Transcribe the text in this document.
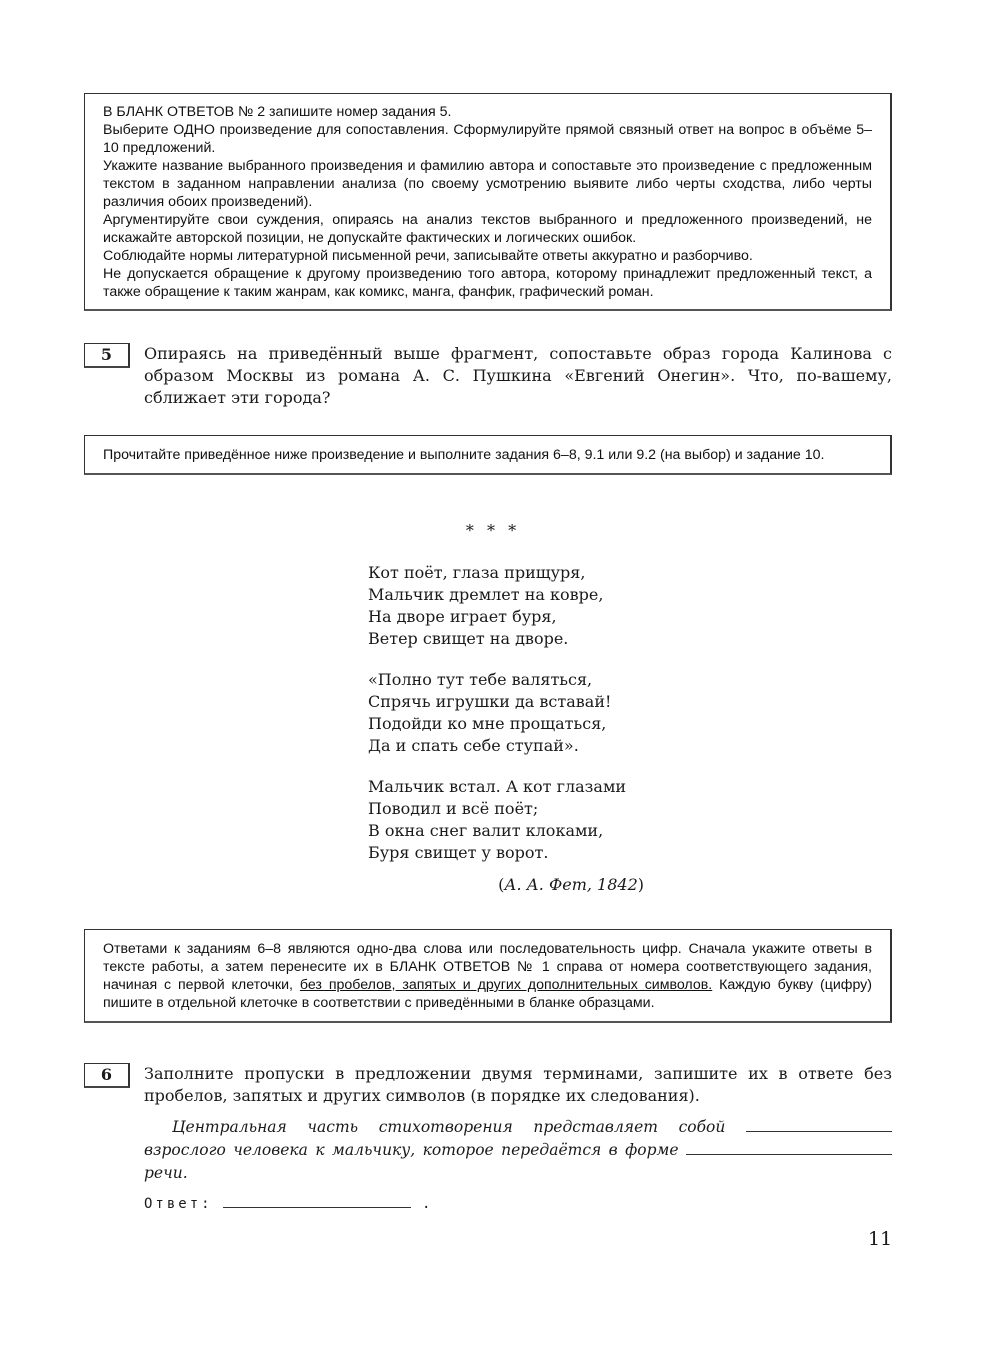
В БЛАНК ОТВЕТОВ № 2 запишите номер задания 5.

Выберите ОДНО произведение для сопоставления. Сформулируйте прямой связный ответ на вопрос в объёме 5–10 предложений.

Укажите название выбранного произведения и фамилию автора и сопоставьте это произведение с предложенным текстом в заданном направлении анализа (по своему усмотрению выявите либо черты сходства, либо черты различия обоих произведений).

Аргументируйте свои суждения, опираясь на анализ текстов выбранного и предложенного произведений, не искажайте авторской позиции, не допускайте фактических и логических ошибок.

Соблюдайте нормы литературной письменной речи, записывайте ответы аккуратно и разборчиво.

Не допускается обращение к другому произведению того автора, которому принадлежит предложенный текст, а также обращение к таким жанрам, как комикс, манга, фанфик, графический роман.

5	Опираясь на приведённый выше фрагмент, сопоставьте образ города Калинова с образом Москвы из романа А. С. Пушкина «Евгений Онегин». Что, по-вашему, сближает эти города?

Прочитайте приведённое ниже произведение и выполните задания 6–8, 9.1 или 9.2 (на выбор) и задание 10.

* * *
Кот поёт, глаза прищуря,
Мальчик дремлет на ковре,
На дворе играет буря,
Ветер свищет на дворе.
«Полно тут тебе валяться,
Спрячь игрушки да вставай!
Подойди ко мне прощаться,
Да и спать себе ступай».
Мальчик встал. А кот глазами
Поводил и всё поёт;
В окна снег валит клоками,
Буря свищет у ворот.
(А. А. Фет, 1842)

Ответами к заданиям 6–8 являются одно-два слова или последовательность цифр. Сначала укажите ответы в тексте работы, а затем перенесите их в БЛАНК ОТВЕТОВ № 1 справа от номера соответствующего задания, начиная с первой клеточки, без пробелов, запятых и других дополнительных символов. Каждую букву (цифру) пишите в отдельной клеточке в соответствии с приведёнными в бланке образцами.

6	Заполните пропуски в предложении двумя терминами, запишите их в ответе без пробелов, запятых и других символов (в порядке их следования).
Центральная часть стихотворения представляет собой  взрослого человека к мальчику, которое передаётся в форме  речи.
Ответ:	.
11
